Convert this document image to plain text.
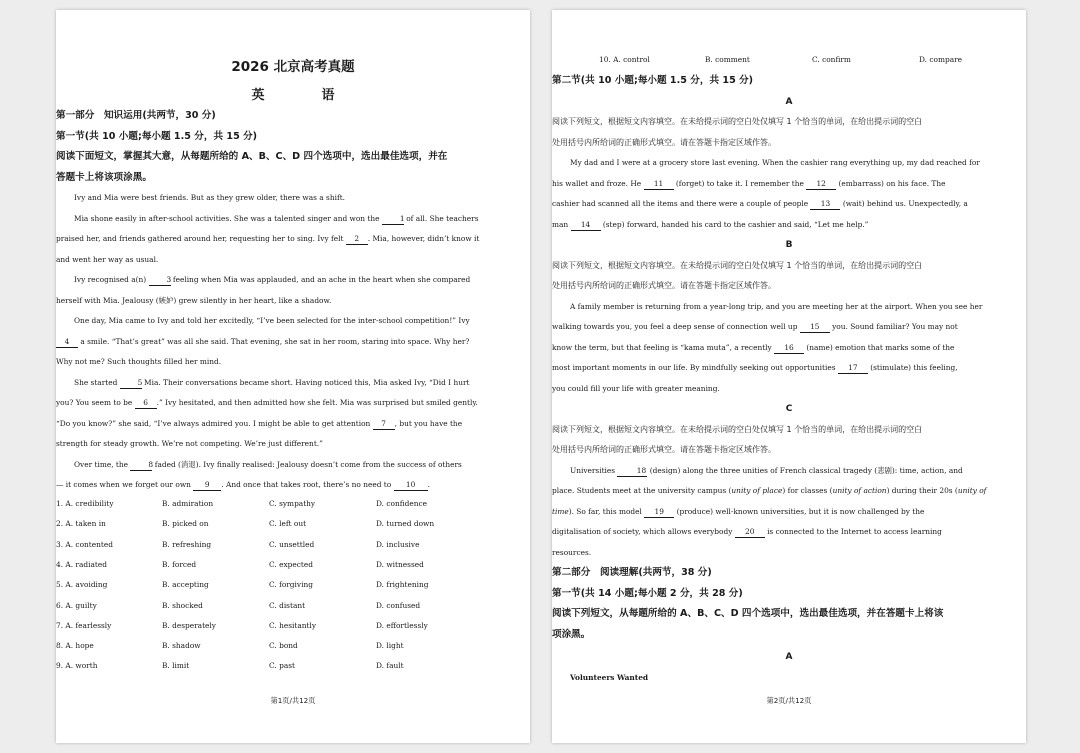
2026 北京高考真题
英　语
第一部分　知识运用(共两节，30 分)
第一节(共 10 小题;每小题 1.5 分，共 15 分)
阅读下面短文，掌握其大意，从每题所给的 A、B、C、D 四个选项中，选出最佳选项，并在
答题卡上将该项涂黑。
Ivy and Mia were best friends. But as they grew older, there was a shift.
Mia shone easily in after-school activities. She was a talented singer and won the 1 of all. She teachers
praised her, and friends gathered around her, requesting her to sing. Ivy felt 2 . Mia, however, didn’t know it
and went her way as usual.
Ivy recognised a(n) 3 feeling when Mia was applauded, and an ache in the heart when she compared
herself with Mia. Jealousy (嫉妒) grew silently in her heart, like a shadow.
One day, Mia came to Ivy and told her excitedly, “I’ve been selected for the inter-school competition!” Ivy
4 a smile. “That’s great” was all she said. That evening, she sat in her room, staring into space. Why her?
Why not me? Such thoughts filled her mind.
She started 5 Mia. Their conversations became short. Having noticed this, Mia asked Ivy, “Did I hurt
you? You seem to be 6 .” Ivy hesitated, and then admitted how she felt. Mia was surprised but smiled gently.
“Do you know?” she said, “I’ve always admired you. I might be able to get attention 7 , but you have the
strength for steady growth. We’re not competing. We’re just different.”
Over time, the 8 faded (消退). Ivy finally realised: Jealousy doesn’t come from the success of others
— it comes when we forget our own 9 . And once that takes root, there’s no need to 10 .
1. A. credibility	B. admiration	C. sympathy	D. confidence
2. A. taken in	B. picked on	C. left out	D. turned down
3. A. contented	B. refreshing	C. unsettled	D. inclusive
4. A. radiated	B. forced	C. expected	D. witnessed
5. A. avoiding	B. accepting	C. forgiving	D. frightening
6. A. guilty	B. shocked	C. distant	D. confused
7. A. fearlessly	B. desperately	C. hesitantly	D. effortlessly
8. A. hope	B. shadow	C. bond	D. light
9. A. worth	B. limit	C. past	D. fault
第1页/共12页
10. A. control	B. comment	C. confirm	D. compare
第二节(共 10 小题;每小题 1.5 分，共 15 分)
A
阅读下列短文，根据短文内容填空。在未给提示词的空白处仅填写 1 个恰当的单词，在给出提示词的空白
处用括号内所给词的正确形式填空。请在答题卡指定区域作答。
My dad and I were at a grocery store last evening. When the cashier rang everything up, my dad reached for
his wallet and froze. He 11 (forget) to take it. I remember the 12 (embarrass) on his face. The
cashier had scanned all the items and there were a couple of people 13 (wait) behind us. Unexpectedly, a
man 14 (step) forward, handed his card to the cashier and said, “Let me help.”
B
阅读下列短文，根据短文内容填空。在未给提示词的空白处仅填写 1 个恰当的单词，在给出提示词的空白
处用括号内所给词的正确形式填空。请在答题卡指定区域作答。
A family member is returning from a year-long trip, and you are meeting her at the airport. When you see her
walking towards you, you feel a deep sense of connection well up 15 you. Sound familiar? You may not
know the term, but that feeling is “kama muta”, a recently 16 (name) emotion that marks some of the
most important moments in our life. By mindfully seeking out opportunities 17 (stimulate) this feeling,
you could fill your life with greater meaning.
C
阅读下列短文，根据短文内容填空。在未给提示词的空白处仅填写 1 个恰当的单词，在给出提示词的空白
处用括号内所给词的正确形式填空。请在答题卡指定区域作答。
Universities	18 (design) along the three unities of French classical tragedy (悲剧): time, action, and
place. Students meet at the university campus (unity of place) for classes (unity of action) during their 20s (unity of
time). So far, this model 19 (produce) well-known universities, but it is now challenged by the
digitalisation of society, which allows everybody 20 is connected to the Internet to access learning
resources.
第二部分　阅读理解(共两节，38 分)
第一节(共 14 小题;每小题 2 分，共 28 分)
阅读下列短文，从每题所给的 A、B、C、D 四个选项中，选出最佳选项，并在答题卡上将该
项涂黑。
A
Volunteers Wanted
第2页/共12页
